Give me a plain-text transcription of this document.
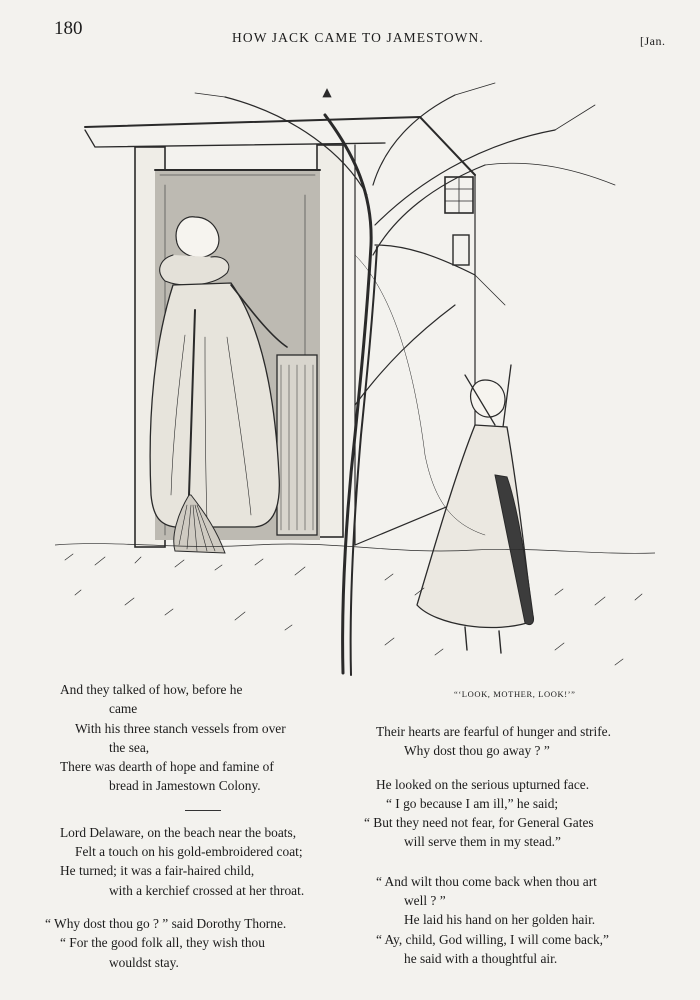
180	HOW JACK CAME TO JAMESTOWN.	[Jan.
“‘LOOK, MOTHER, LOOK!’”
And they talked of how, before he
came
With his three stanch vessels from over
the sea,
There was dearth of hope and famine of
bread in Jamestown Colony.
Lord Delaware, on the beach near the boats,
Felt a touch on his gold-embroidered coat;
He turned; it was a fair-haired child,
with a kerchief crossed at her throat.
“ Why dost thou go ? ” said Dorothy Thorne.
“ For the good folk all, they wish thou
wouldst stay.
Their hearts are fearful of hunger and strife.
Why dost thou go away ? ”
He looked on the serious upturned face.
“ I go because I am ill,” he said;
“ But they need not fear, for General Gates
will serve them in my stead.”
“ And wilt thou come back when thou art
well ? ”
He laid his hand on her golden hair.
“ Ay, child, God willing, I will come back,”
he said with a thoughtful air.
